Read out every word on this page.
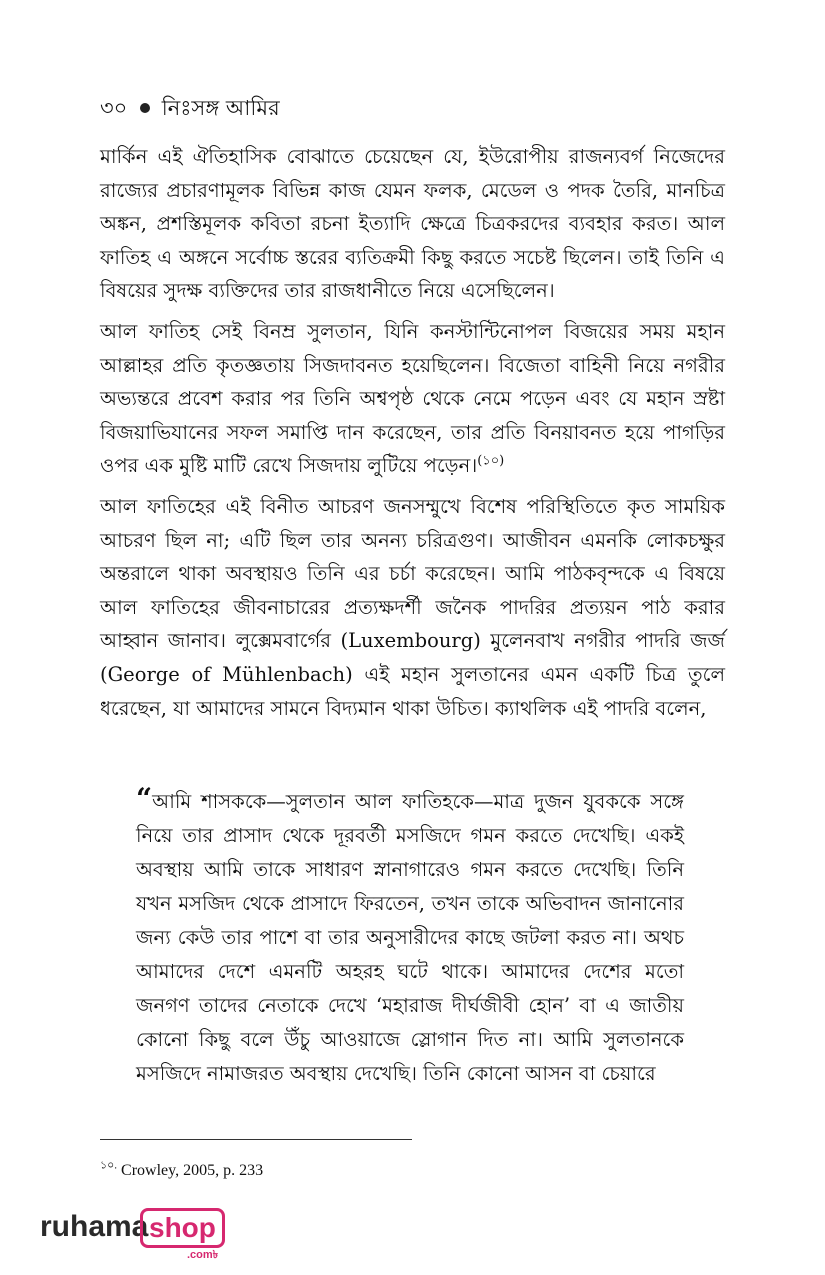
৩০ নিঃসঙ্গ আমির

মার্কিন এই ঐতিহাসিক বোঝাতে চেয়েছেন যে, ইউরোপীয় রাজন্যবর্গ নিজেদের রাজ্যের প্রচারণামূলক বিভিন্ন কাজ যেমন ফলক, মেডেল ও পদক তৈরি, মানচিত্র অঙ্কন, প্রশস্তিমূলক কবিতা রচনা ইত্যাদি ক্ষেত্রে চিত্রকরদের ব্যবহার করত। আল ফাতিহ এ অঙ্গনে সর্বোচ্চ স্তরের ব্যতিক্রমী কিছু করতে সচেষ্ট ছিলেন। তাই তিনি এ বিষয়ের সুদক্ষ ব্যক্তিদের তার রাজধানীতে নিয়ে এসেছিলেন।

আল ফাতিহ সেই বিনম্র সুলতান, যিনি কনস্টান্টিনোপল বিজয়ের সময় মহান আল্লাহর প্রতি কৃতজ্ঞতায় সিজদাবনত হয়েছিলেন। বিজেতা বাহিনী নিয়ে নগরীর অভ্যন্তরে প্রবেশ করার পর তিনি অশ্বপৃষ্ঠ থেকে নেমে পড়েন এবং যে মহান স্রষ্টা বিজয়াভিযানের সফল সমাপ্তি দান করেছেন, তার প্রতি বিনয়াবনত হয়ে পাগড়ির ওপর এক মুষ্টি মাটি রেখে সিজদায় লুটিয়ে পড়েন।$^{(১০)}$

আল ফাতিহের এই বিনীত আচরণ জনসম্মুখে বিশেষ পরিস্থিতিতে কৃত সাময়িক আচরণ ছিল না; এটি ছিল তার অনন্য চরিত্রগুণ। আজীবন এমনকি লোকচক্ষুর অন্তরালে থাকা অবস্থায়ও তিনি এর চর্চা করেছেন। আমি পাঠকবৃন্দকে এ বিষয়ে আল ফাতিহের জীবনাচারের প্রত্যক্ষদর্শী জনৈক পাদরির প্রত্যয়ন পাঠ করার আহ্বান জানাব। লুক্সেমবার্গের (Luxembourg) মুলেনবাখ নগরীর পাদরি জর্জ (George of Mühlenbach) এই মহান সুলতানের এমন একটি চিত্র তুলে ধরেছেন, যা আমাদের সামনে বিদ্যমান থাকা উচিত। ক্যাথলিক এই পাদরি বলেন,

“আমি শাসককে—সুলতান আল ফাতিহকে—মাত্র দুজন যুবককে সঙ্গে নিয়ে তার প্রাসাদ থেকে দূরবর্তী মসজিদে গমন করতে দেখেছি। একই অবস্থায় আমি তাকে সাধারণ স্নানাগারেও গমন করতে দেখেছি। তিনি যখন মসজিদ থেকে প্রাসাদে ফিরতেন, তখন তাকে অভিবাদন জানানোর জন্য কেউ তার পাশে বা তার অনুসারীদের কাছে জটলা করত না। অথচ আমাদের দেশে এমনটি অহরহ ঘটে থাকে। আমাদের দেশের মতো জনগণ তাদের নেতাকে দেখে ‘মহারাজ দীর্ঘজীবী হোন’ বা এ জাতীয় কোনো কিছু বলে উঁচু আওয়াজে স্লোগান দিত না। আমি সুলতানকে মসজিদে নামাজরত অবস্থায় দেখেছি। তিনি কোনো আসন বা চেয়ারে

$^{১০.}$ Crowley, 2005, p. 233
ruhama shop
.com৳
